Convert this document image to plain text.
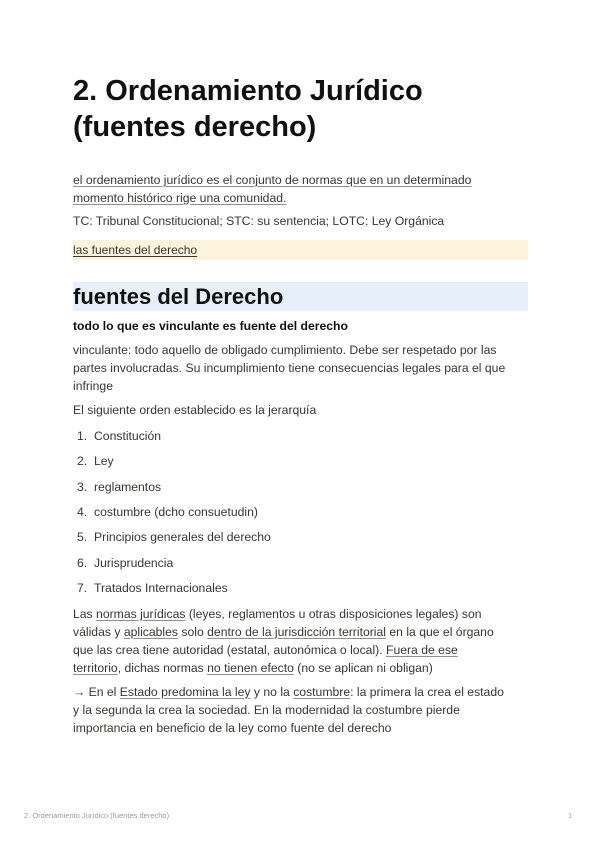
2. Ordenamiento Jurídico
(fuentes derecho)

el ordenamiento jurídico es el conjunto de normas que en un determinado
momento histórico rige una comunidad.

TC: Tribunal Constitucional; STC: su sentencia; LOTC: Ley Orgánica

las fuentes del derecho
fuentes del Derecho

todo lo que es vinculante es fuente del derecho

vinculante: todo aquello de obligado cumplimiento. Debe ser respetado por las
partes involucradas. Su incumplimiento tiene consecuencias legales para el que
infringe

El siguiente orden establecido es la jerarquía

1. Constitución
2. Ley
3. reglamentos
4. costumbre (dcho consuetudin)
5. Principios generales del derecho
6. Jurisprudencia
7. Tratados Internacionales

Las normas jurídicas (leyes, reglamentos u otras disposiciones legales) son
válidas y aplicables solo dentro de la jurisdicción territorial en la que el órgano
que las crea tiene autoridad (estatal, autonómica o local). Fuera de ese
territorio, dichas normas no tienen efecto (no se aplican ni obligan)

→ En el Estado predomina la ley y no la costumbre: la primera la crea el estado
y la segunda la crea la sociedad. En la modernidad la costumbre pierde
importancia en beneficio de la ley como fuente del derecho

2. Ordenamiento Jurídico (fuentes derecho)	1
